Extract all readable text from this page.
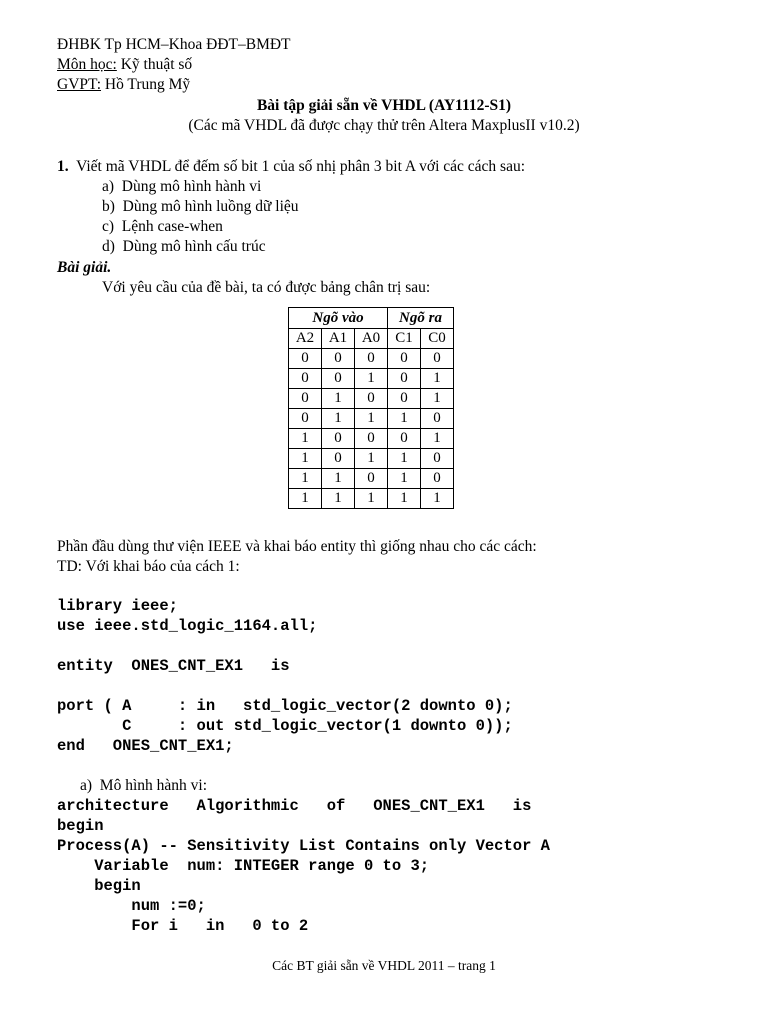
ĐHBK Tp HCM–Khoa ĐĐT–BMĐT
Môn học: Kỹ thuật số
GVPT: Hồ Trung Mỹ
Bài tập giải sẵn về VHDL (AY1112-S1)
(Các mã VHDL đã được chạy thử trên Altera MaxplusII v10.2)
1.  Viết mã VHDL để đếm số bit 1 của số nhị phân 3 bit A với các cách sau:
a)  Dùng mô hình hành vi
b)  Dùng mô hình luồng dữ liệu
c)  Lệnh case-when
d)  Dùng mô hình cấu trúc
Bài giải.
Với yêu cầu của đề bài, ta có được bảng chân trị sau:
Ngõ vào			Ngõ ra	
A2	A1	A0	C1	C0
0	0	0	0	0
0	0	1	0	1
0	1	0	0	1
0	1	1	1	0
1	0	0	0	1
1	0	1	1	0
1	1	0	1	0
1	1	1	1	1
Phần đầu dùng thư viện IEEE và khai báo entity thì giống nhau cho các cách:
TD: Với khai báo của cách 1:
library ieee;
use ieee.std_logic_1164.all;
entity  ONES_CNT_EX1   is
port ( A     : in   std_logic_vector(2 downto 0);
C     : out std_logic_vector(1 downto 0));
end   ONES_CNT_EX1;
a)  Mô hình hành vi:
architecture   Algorithmic   of   ONES_CNT_EX1   is
begin
Process(A) -- Sensitivity List Contains only Vector A
Variable  num: INTEGER range 0 to 3;
begin
num :=0;
For i   in   0 to 2
Các BT giải sẵn về VHDL 2011 – trang 1
